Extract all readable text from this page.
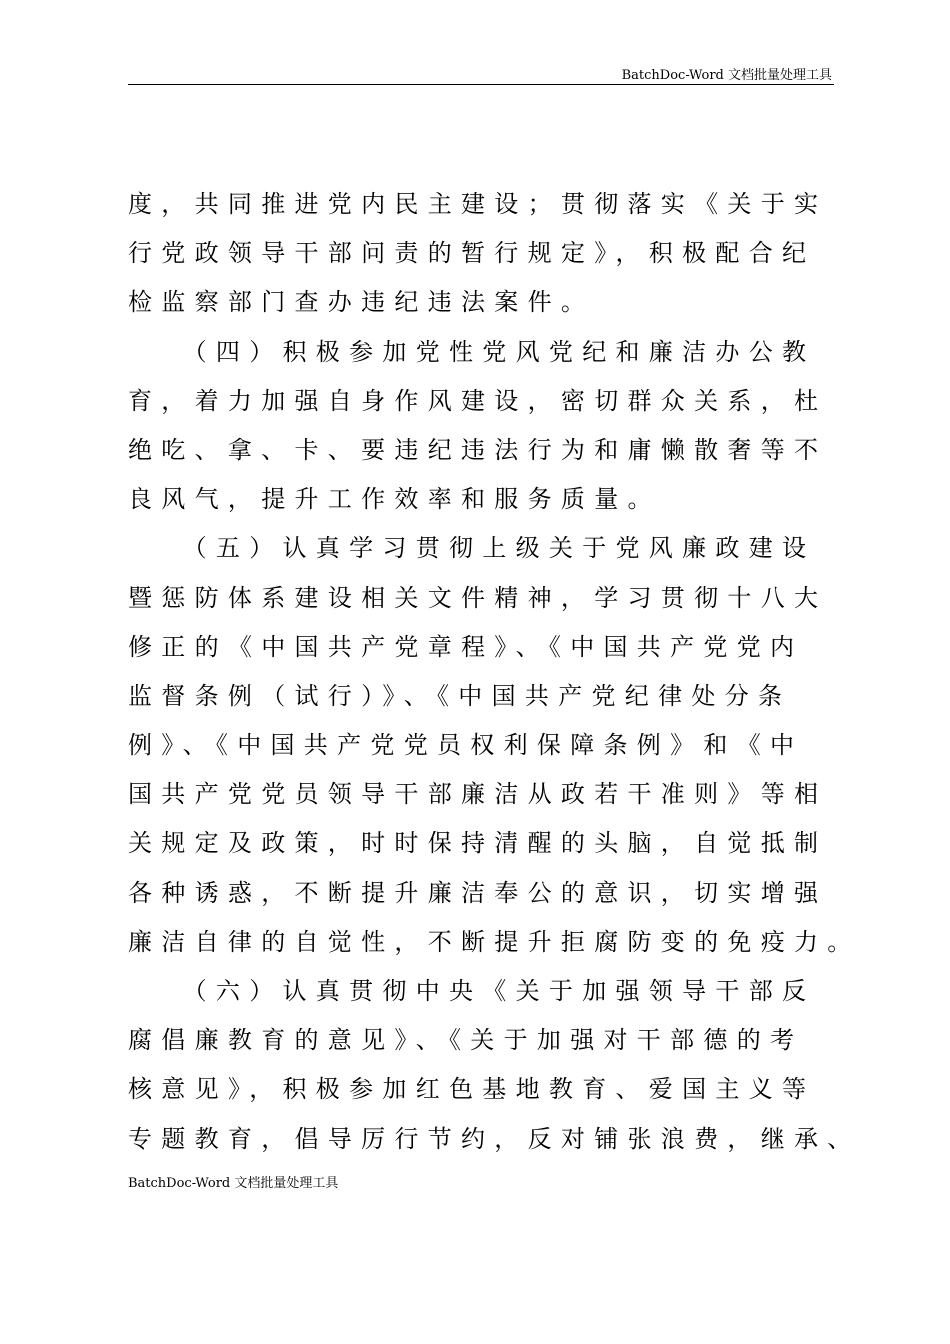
BatchDoc-Word 文档批量处理工具
度，共同推进党内民主建设；贯彻落实《关于实
行党政领导干部问责的暂行规定》，积极配合纪
检监察部门查办违纪违法案件。
　　（四）积极参加党性党风党纪和廉洁办公教
育，着力加强自身作风建设，密切群众关系，杜
绝吃、拿、卡、要违纪违法行为和庸懒散奢等不
良风气，提升工作效率和服务质量。
　　（五）认真学习贯彻上级关于党风廉政建设
暨惩防体系建设相关文件精神，学习贯彻十八大
修正的《中国共产党章程》、《中国共产党党内
监督条例（试行）》、《中国共产党纪律处分条
例》、《中国共产党党员权利保障条例》和《中
国共产党党员领导干部廉洁从政若干准则》等相
关规定及政策，时时保持清醒的头脑，自觉抵制
各种诱惑，不断提升廉洁奉公的意识，切实增强
廉洁自律的自觉性，不断提升拒腐防变的免疫力。
　　（六）认真贯彻中央《关于加强领导干部反
腐倡廉教育的意见》、《关于加强对干部德的考
核意见》，积极参加红色基地教育、爱国主义等
专题教育，倡导厉行节约，反对铺张浪费，继承、
BatchDoc-Word 文档批量处理工具
